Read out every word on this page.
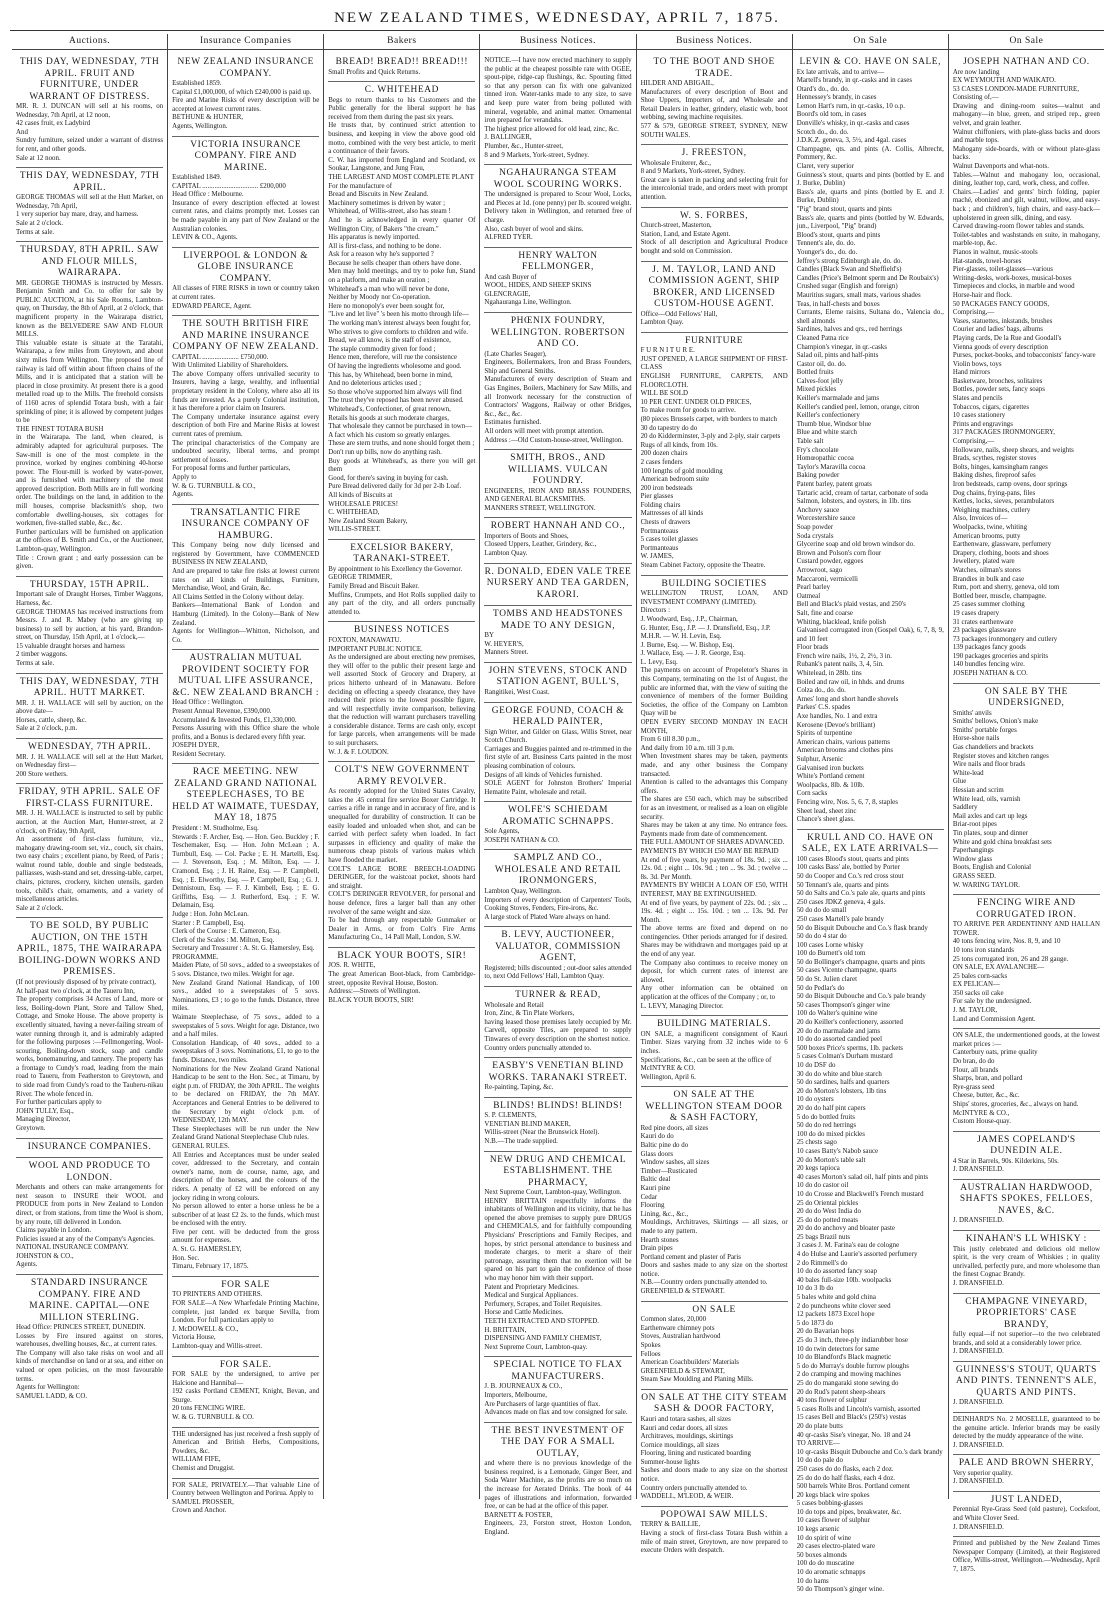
NEW ZEALAND TIMES, WEDNESDAY, APRIL 7, 1875.
Auctions.
THIS DAY, WEDNESDAY, 7TH APRIL. FRUIT AND FURNITURE, UNDER WARRANT OF DISTRESS.
MR. R. J. DUNCAN will sell at his rooms, on Wednesday, 7th April, at 12 noon,
42 cases fruit, ex Ladybird
And
Sundry furniture, seized under a warrant of distress for rent, and other goods.
Sale at 12 noon.
THIS DAY, WEDNESDAY, 7TH APRIL.
GEORGE THOMAS will sell at the Hutt Market, on Wednesday, 7th April,
1 very superior bay mare, dray, and harness.
Sale at 2 o'clock.
Terms at sale.
THURSDAY, 8TH APRIL. SAW AND FLOUR MILLS, WAIRARAPA.
MR. GEORGE THOMAS is instructed by Messrs. Benjamin Smith and Co. to offer for sale by PUBLIC AUCTION, at his Sale Rooms, Lambton-quay, on Thursday, the 8th of April, at 2 o'clock, that magnificent property in the Wairarapa district, known as the BELVEDERE SAW AND FLOUR MILLS.
This valuable estate is situate at the Taratahi, Wairarapa, a few miles from Greytown, and about sixty miles from Wellington. The proposed line of railway is laid off within about fifteen chains of the Mills, and it is anticipated that a station will be placed in close proximity. At present there is a good metalled road up to the Mills. The freehold consists of 1160 acres of splendid Totara bush, with a fair sprinkling of pine; it is allowed by competent judges to be
THE FINEST TOTARA BUSH
in the Wairarapa. The land, when cleared, is admirably adapted for agricultural purposes. The Saw-mill is one of the most complete in the province, worked by engines combining 40-horse power. The Flour-mill is worked by water-power, and is furnished with machinery of the most approved description. Both Mills are in full working order. The buildings on the land, in addition to the mill houses, comprise blacksmith's shop, two comfortable dwelling-houses, six cottages for workmen, five-stalled stable, &c., &c.
Further particulars will be furnished on application at the offices of B. Smith and Co., or the Auctioneer, Lambton-quay, Wellington.
Title : Crown grant ; and early possession can be given.
THURSDAY, 15TH APRIL.
Important sale of Draught Horses, Timber Waggons, Harness, &c.
GEORGE THOMAS has received instructions from Messrs. J. and R. Mabey (who are giving up business) to sell by auction, at his yard, Brandon-street, on Thursday, 15th April, at 1 o'clock,—
15 valuable draught horses and harness
2 timber waggons.
Terms at sale.
THIS DAY, WEDNESDAY, 7TH APRIL. HUTT MARKET.
MR. J. H. WALLACE will sell by auction, on the above date—
Horses, cattle, sheep, &c.
Sale at 2 o'clock, p.m.
WEDNESDAY, 7TH APRIL.
MR. J. H. WALLACE will sell at the Hutt Market, on Wednesday first—
200 Store wethers.
FRIDAY, 9TH APRIL. SALE OF FIRST-CLASS FURNITURE.
MR. J. H. WALLACE is instructed to sell by public auction, at the Auction Mart, Hunter-street, at 2 o'clock, on Friday, 9th April,
An assortment of first-class furniture, viz., mahogany drawing-room set, viz., couch, six chairs, two easy chairs ; excellent piano, by Reed, of Paris ; walnut round table, double and single bedsteads, palliasses, wash-stand and set, dressing-table, carpet, chairs, pictures, crockery, kitchen utensils, garden tools, child's chair, ornaments, and a variety of miscellaneous articles.
Sale at 2 o'clock.
TO BE SOLD, BY PUBLIC AUCTION, ON THE 15TH APRIL, 1875, THE WAIRARAPA BOILING-DOWN WORKS AND PREMISES.
(If not previously disposed of by private contract),
At half-past two o'clock, at the Taueru Inn,
The property comprises 34 Acres of Land, more or less, Boiling-down Plant, Store and Tallow Shed, Cottage, and Smoke House. The above property is excellently situated, having a never-failing stream of water running through it, and is admirably adapted for the following purposes :—Fellmongering, Wool-scouring, Boiling-down stock, soap and candle works, bonemanuring, and tannery. The property has a frontage to Cundy's road, leading from the main road to Taueru, from Featherston to Greytown, and to side road from Cundy's road to the Tauheru-nikau River. The whole fenced in.
For further particulars apply to
JOHN TULLY, Esq.,
Managing Director,
Greytown.
INSURANCE COMPANIES.
WOOL AND PRODUCE TO LONDON.
Merchants and others can make arrangements for next season to INSURE their WOOL and PRODUCE from ports in New Zealand to London direct, or from stations, from time the Wool is shorn, by any route, till delivered in London.
Claims payable in London.
Policies issued at any of the Company's Agencies.
NATIONAL INSURANCE COMPANY.
JOHNSTON & CO.,
Agents.
STANDARD INSURANCE COMPANY. FIRE AND MARINE. CAPITAL—ONE MILLION STERLING.
Head Office: PRINCES STREET, DUNEDIN.
Losses by Fire insured against on stores, warehouses, dwelling houses, &c., at current rates.
The Company will also take risks on wool and all kinds of merchandise on land or at sea, and either on valued or open policies, on the most favourable terms.
Agents for Wellington:
SAMUEL LADD, & CO.
Insurance Companies
NEW ZEALAND INSURANCE COMPANY.
Established 1859.
Capital £1,000,000, of which £240,000 is paid up.
Fire and Marine Risks of every description will be accepted at lowest current rates.
BETHUNE & HUNTER,
Agents, Wellington.
VICTORIA INSURANCE COMPANY. FIRE AND MARINE.
Established 1849.
CAPITAL ................................ £200,000
Head Office : Melbourne.
Insurance of every description effected at lowest current rates, and claims promptly met. Losses can be made payable in any part of New Zealand or the Australian colonies.
LEVIN & CO., Agents.
LIVERPOOL & LONDON & GLOBE INSURANCE COMPANY.
All classes of FIRE RISKS in town or country taken at current rates.
EDWARD PEARCE, Agent.
THE SOUTH BRITISH FIRE AND MARINE INSURANCE COMPANY OF NEW ZEALAND.
CAPITAL ..................... £750,000.
With Unlimited Liability of Shareholders.
The above Company offers unrivalled security to Insurers, having a large, wealthy, and influential proprietary resident in the Colony, where also all its funds are invested. As a purely Colonial institution, it has therefore a prior claim on Insurers.
The Company undertake insurance against every description of both Fire and Marine Risks at lowest current rates of premium.
The principal characteristics of the Company are undoubted security, liberal terms, and prompt settlement of losses.
For proposal forms and further particulars,
Apply to
W. & G. TURNBULL & CO.,
Agents.
TRANSATLANTIC FIRE INSURANCE COMPANY OF HAMBURG.
This Company being now duly licensed and registered by Government, have COMMENCED BUSINESS IN NEW ZEALAND,
And are prepared to take fire risks at lowest current rates on all kinds of Buildings, Furniture, Merchandise, Wool, and Grain, &c.
All Claims Settled in the Colony without delay.
Bankers—International Bank of London and Hamburg (Limited). In the Colony—Bank of New Zealand.
Agents for Wellington—Whitton, Nicholson, and Co.
AUSTRALIAN MUTUAL PROVIDENT SOCIETY FOR MUTUAL LIFE ASSURANCE, &C. NEW ZEALAND BRANCH :
Head Office : Wellington.
Present Annual Revenue, £390,000.
Accumulated & Invested Funds, £1,330,000.
Persons Assuring with this Office share the whole profits, and a Bonus is declared every fifth year.
JOSEPH DYER,
Resident Secretary.
RACE MEETING. NEW ZEALAND GRAND NATIONAL STEEPLECHASES, TO BE HELD AT WAIMATE, TUESDAY, MAY 18, 1875
President : M. Studholme, Esq.
Stewards : F. Archer, Esq. — Hon. Geo. Buckley ; F. Teschemaker, Esq. — Hon. John McLean ; A. Turnbull, Esq. — Col. Packe ; E. H. Martelli, Esq. — J. Stevenson, Esq. ; M. Milton, Esq. — J. Cramond, Esq. ; J. H. Raine, Esq. — P. Campbell, Esq. ; E. Elworthy, Esq. — P. Campbell, Esq. ; G. J. Dennistoun, Esq. — F. J. Kimbell, Esq. ; E. G. Griffiths, Esq. — J. Rutherford, Esq. ; F. W. Delamain, Esq.
Judge : Hon. John McLean.
Starter : P. Campbell, Esq.
Clerk of the Course : E. Cameron, Esq.
Clerk of the Scales : M. Milton, Esq.
Secretary and Treasurer : A. St. G. Hamersley, Esq.
PROGRAMME.
Maiden Plate, of 50 sovs., added to a sweepstakes of 5 sovs. Distance, two miles. Weight for age.
New Zealand Grand National Handicap, of 100 sovs., added to a sweepstakes of 5 sovs. Nominations, £3 ; to go to the funds. Distance, three miles.
Waimate Steeplechase, of 75 sovs., added to a sweepstakes of 5 sovs. Weight for age. Distance, two and a half miles.
Consolation Handicap, of 40 sovs., added to a sweepstakes of 3 sovs. Nominations, £1, to go to the funds. Distance, two miles.
Nominations for the New Zealand Grand National Handicap to be sent to the Hon. Sec., at Timaru, by eight p.m. of FRIDAY, the 30th APRIL. The weights to be declared on FRIDAY, the 7th MAY. Acceptances and General Entries to be delivered to the Secretary by eight o'clock p.m. of WEDNESDAY, 12th MAY.
These Steeplechases will be run under the New Zealand Grand National Steeplechase Club rules.
GENERAL RULES.
All Entries and Acceptances must be under sealed cover, addressed to the Secretary, and contain owner's name, nom de course, name, age, and description of the horses, and the colours of the riders. A penalty of £2 will be enforced on any jockey riding in wrong colours.
No person allowed to enter a horse unless he be a subscriber of at least £2 2s. to the funds, which must be enclosed with the entry.
Five per cent. will be deducted from the gross amount for expenses.
A. St. G. HAMERSLEY,
Hon. Sec.
Timaru, February 17, 1875.
FOR SALE
TO PRINTERS AND OTHERS.
FOR SALE—A New Wharfedale Printing Machine, complete, just landed ex barque Sevilla, from London. For full particulars apply to
J. McDOWELL & CO.,
Victoria House,
Lambton-quay and Willis-street.
FOR SALE.
FOR SALE by the undersigned, to arrive per Halcione and Hannibal—
192 casks Portland CEMENT, Knight, Bevan, and Sturge.
20 tons FENCING WIRE.
W. & G. TURNBULL & CO.
THE undersigned has just received a fresh supply of American and British Herbs, Compositions, Powders, &c.
WILLIAM FIFE,
Chemist and Druggist.
FOR SALE, PRIVATELY.—That valuable Line of Country between Wellington and Porirua. Apply to
SAMUEL PROSSER,
Crown and Anchor.
Bakers
BREAD! BREAD!! BREAD!!!
Small Profits and Quick Returns.
C. WHITEHEAD
Begs to return thanks to his Customers and the Public generally for the liberal support he has received from them during the past six years.
He trusts that, by continued strict attention to business, and keeping in view the above good old motto, combined with the very best article, to merit a continuance of their favors.
C. W. has imported from England and Scotland, ex Soukar, Langstone, and Jung Frau,
THE LARGEST AND MOST COMPLETE PLANT
For the manufacture of
Bread and Biscuits in New Zealand.
Machinery sometimes is driven by water ;
Whitehead, of Willis-street, also has steam !
And he is acknowledged in every quarter Of Wellington City, of Bakers "the cream."
His apparatus is newly imported.
All is first-class, and nothing to be done.
Ask for a reason why he's supported ?
Because he sells cheaper than others have done.
Men may hold meetings, and try to poke fun, Stand on a platform, and make an oration ;
Whitehead's a man who will never be done,
Neither by Moody nor Co-operation.
Here no monopoly's ever been sought for,
"Live and let live" 's been his motto through life—
The working man's interest always been fought for,
Who strives to give comforts to children and wife.
Bread, we all know, is the staff of existence,
The staple commodity given for food ;
Hence men, therefore, will rue the consistence
Of having the ingredients wholesome and good.
This has, by Whitehead, been borne in mind,
And no deleterious articles used ;
So those who've supported him always will find
The trust they've reposed has been never abused.
Whitehead's, Confectioner, of great renown,
Retails his goods at such moderate charges,
That wholesale they cannot be purchased in town—
A fact which his custom so greatly enlarges.
These are stern truths, and none should forget them ;
Don't run up bills, now do anything rash.
Buy goods at Whitehead's, as there you will get them
Good, for there's saving in buying for cash.
Pure Bread delivered daily for 3d per 2-lb Loaf.
All kinds of Biscuits at
WHOLESALE PRICES!
C. WHITEHEAD,
New Zealand Steam Bakery,
WILLIS-STREET.
EXCELSIOR BAKERY, TARANAKI-STREET.
By appointment to his Excellency the Governor.
GEORGE TRIMMER,
Family Bread and Biscuit Baker.
Muffins, Crumpets, and Hot Rolls supplied daily to any part of the city, and all orders punctually attended to.
BUSINESS NOTICES
FOXTON, MANAWATU.
IMPORTANT PUBLIC NOTICE.
As the undersigned are about erecting new premises, they will offer to the public their present large and well assorted Stock of Grocery and Drapery, at prices hitherto unheard of in Manawatu. Before deciding on effecting a speedy clearance, they have reduced their prices to the lowest possible figure, and will respectfully invite comparison, believing that the reduction will warrant purchasers travelling a considerable distance. Terms are cash only, except for large parcels, when arrangements will be made to suit purchasers.
W. J. & F. LOUDON.
COLT'S NEW GOVERNMENT ARMY REVOLVER.
As recently adopted for the United States Cavalry, takes the .45 central fire service Boxer Cartridge. It carries a rifle in range and in accuracy of fire, and is unequalled for durability of construction. It can be easily loaded and unloaded when shot, and can be carried with perfect safety when loaded. In fact surpasses in efficiency and quality of make the numerous cheap pistols of various makes which have flooded the market.
COLT'S LARGE BORE BREECH-LOADING DERINGER, for the waistcoat pocket, shoots hard and straight.
COLT'S DERINGER REVOLVER, for personal and house defence, fires a larger ball than any other revolver of the same weight and size.
To be had through any respectable Gunmaker or Dealer in Arms, or from Colt's Fire Arms Manufacturing Co., 14 Pall Mall, London, S.W.
BLACK YOUR BOOTS, SIR!
JOS. R. WHITE,
The great American Boot-black, from Cambridge-street, opposite Revival House, Boston.
Address:—Streets of Wellington.
BLACK YOUR BOOTS, SIR!
Business Notices.
NOTICE.—I have now erected machinery to supply the public at the cheapest possible rate with OGEE, spout-pipe, ridge-cap flushings, &c. Spouting fitted so that any person can fix with one galvanized tinned iron. Water-tanks made to any size, to save and keep pure water from being polluted with mineral, vegetable, and animal matter. Ornamental iron prepared for verandahs.
The highest price allowed for old lead, zinc, &c.
J. BALLINGER,
Plumber, &c., Hunter-street,
8 and 9 Markets, York-street, Sydney.
NGAHAURANGA STEAM WOOL SCOURING WORKS.
The undersigned is prepared to Scour Wool, Locks, and Pieces at 1d. (one penny) per lb. scoured weight.
Delivery taken in Wellington, and returned free of charge.
Also, cash buyer of wool and skins.
ALFRED TYER.
HENRY WALTON FELLMONGER,
And cash Buyer of
WOOL, HIDES, AND SHEEP SKINS
GLENCRAGIE,
Ngahauranga Line, Wellington.
PHŒNIX FOUNDRY, WELLINGTON. ROBERTSON AND CO.
(Late Charles Seager),
Engineers, Boilermakers, Iron and Brass Founders, Ship and General Smiths.
Manufacturers of every description of Steam and Gas Engines, Boilers, Machinery for Saw Mills, and all Ironwork necessary for the construction of Contractors' Waggons, Railway or other Bridges, &c., &c., &c.
Estimates furnished.
All orders will meet with prompt attention.
Address :—Old Custom-house-street, Wellington.
SMITH, BROS., AND WILLIAMS. VULCAN FOUNDRY.
ENGINEERS, IRON AND BRASS FOUNDERS, AND GENERAL BLACKSMITHS.
MANNERS STREET, WELLINGTON.
ROBERT HANNAH AND CO.,
Importers of Boots and Shoes,
Closeed Uppers, Leather, Grindery, &c.,
Lambton Quay.
R. DONALD, EDEN VALE TREE NURSERY AND TEA GARDEN, KARORI.
TOMBS AND HEADSTONES MADE TO ANY DESIGN,
BY
W. HEYER'S,
Manners Street.
JOHN STEVENS, STOCK AND STATION AGENT, BULL'S,
Rangitikei, West Coast.
GEORGE FOUND, COACH & HERALD PAINTER,
Sign Writer, and Gilder on Glass, Willis Street, near Scotch Church.
Carriages and Buggies painted and re-trimmed in the first style of art. Business Carts painted in the most pleasing combination of colours.
Designs of all kinds of Vehicles furnished.
SOLE AGENT for Johnston Brothers' Imperial Hematite Paint, wholesale and retail.
WOLFE'S SCHIEDAM AROMATIC SCHNAPPS.
Sole Agents,
JOSEPH NATHAN & CO.
SAMPLZ AND CO., WHOLESALE AND RETAIL IRONMONGERS,
Lambton Quay, Wellington.
Importers of every description of Carpenters' Tools, Cooking Stoves, Fenders, Fire-irons, &c.
A large stock of Plated Ware always on hand.
B. LEVY, AUCTIONEER, VALUATOR, COMMISSION AGENT,
Registered; bills discounted ; out-door sales attended to, next Odd Fellows' Hall, Lambton Quay.
TURNER & READ,
Wholesale and Retail
Iron, Zinc, & Tin Plate Workers,
having leased those premises lately occupied by Mr. Carvell, opposite Tiles, are prepared to supply Tinwares of every description on the shortest notice.
Country orders punctually attended to.
EASBY'S VENETIAN BLIND WORKS. TARANAKI STREET.
Re-painting, Taping, &c.
BLINDS! BLINDS! BLINDS!
S. P. CLEMENTS,
VENETIAN BLIND MAKER,
Willis-street (Near the Brunswick Hotel).
N.B.—The trade supplied.
NEW DRUG AND CHEMICAL ESTABLISHMENT. THE PHARMACY,
Next Supreme Court, Lambton-quay, Wellington.
HENRY BRITTAIN respectfully informs the inhabitants of Wellington and its vicinity, that he has opened the above premises to supply pure DRUGS and CHEMICALS, and for faithfully compounding Physicians' Prescriptions and Family Recipes, and hopes, by strict personal attendance to business and moderate charges, to merit a share of their patronage, assuring them that no exertion will be spared on his part to gain the confidence of those who may honor him with their support.
Patent and Proprietary Medicines.
Medical and Surgical Appliances.
Perfumery, Scrapes, and Toilet Requisites.
Horse and Cattle Medicines.
TEETH EXTRACTED AND STOPPED.
H. BRITTAIN,
DISPENSING AND FAMILY CHEMIST,
Next Supreme Court, Lambton-quay.
SPECIAL NOTICE TO FLAX MANUFACTURERS.
J. B. JOURNEAUX & CO.,
Importers, Melbourne,
Are Purchasers of large quantities of flax.
Advances made on flax and tow consigned for sale.
THE BEST INVESTMENT OF THE DAY FOR A SMALL OUTLAY,
and where there is no previous knowledge of the business required, is a Lemonade, Ginger Beer, and Soda Water Machine, as the profits are so much on the increase for Aerated Drinks. The book of 44 pages of illustrations and information, forwarded free, or can be had at the office of this paper.
BARNETT & FOSTER,
Engineers, 23, Forston street, Hoxton London, England.
Business Notices.
TO THE BOOT AND SHOE TRADE.
HILDER AND ABIGAIL,
Manufacturers of every description of Boot and Shoe Uppers, Importers of, and Wholesale and Retail Dealers in leather, grindery, elastic web, boot webbing, sewing machine requisites.
577 & 579, GEORGE STREET, SYDNEY, NEW SOUTH WALES.
J. FREESTON,
Wholesale Fruiterer, &c.,
8 and 9 Markets, York-street, Sydney.
Great care is taken in packing and selecting fruit for the intercolonial trade, and orders meet with prompt attention.
W. S. FORBES,
Church-street, Masterton,
Station, Land, and Estate Agent.
Stock of all description and Agricultural Produce bought and sold on Commission.
J. M. TAYLOR, LAND AND COMMISSION AGENT, SHIP BROKER, AND LICENSED CUSTOM-HOUSE AGENT.
Office—Odd Fellows' Hall,
Lambton Quay.
FURNITURE
F U R N I T U R E.
JUST OPENED, A LARGE SHIPMENT OF FIRST-CLASS
ENGLISH FURNITURE, CARPETS, AND FLOORCLOTH.
WILL BE SOLD
10 PER CENT. UNDER OLD PRICES,
To make room for goods to arrive.
(80 pieces Brussels carpet, with borders to match
30 do tapestry do do
20 do Kidderminster, 3-ply and 2-ply, stair carpets
Rugs of all kinds, from 10s.
200 dozen chairs
2 cases fenders
100 lengths of gold moulding
American bedroom suite
200 iron bedsteads
Pier glasses
Folding chairs
Mattresses of all kinds
Chests of drawers
Portmanteaus
5 cases toilet glasses
Portmanteaus
W. JAMES,
Steam Cabinet Factory, opposite the Theatre.
BUILDING SOCIETIES
WELLINGTON TRUST, LOAN, AND INVESTMENT COMPANY (LIMITED).
Directors :
J. Woodward, Esq., J.P., Chairman,
G. Hunter, Esq., J.P. — J. Dransfield, Esq., J.P.
M.H.R. — W. H. Levin, Esq.
J. Burne, Esq. — W. Bishop, Esq.
J. Wallace, Esq. — J. R. George, Esq.
L. Levy, Esq.
The payments on account of Propeletor's Shares in this Company, terminating on the 1st of August, the public are informed that, with the view of suiting the convenience of members of the former Building Societies, the office of the Company on Lambton Quay will be
OPEN EVERY SECOND MONDAY IN EACH MONTH,
From 6 till 8.30 p.m.,
And daily from 10 a.m. till 3 p.m.
When Investment shares may be taken, payments made, and any other business the Company transacted.
Attention is called to the advantages this Company offers.
The shares are £50 each, which may be subscribed for as an investment, or realised as a loan on eligible security.
Shares may be taken at any time. No entrance fees. Payments made from date of commencement.
THE FULL AMOUNT OF SHARES ADVANCED.
PAYMENTS BY WHICH £50 MAY BE REPAID
At end of five years, by payment of 18s. 9d. ; six ... 12s. 0d. ; eight ... 10s. 9d. ; ten ... 9s. 3d. ; twelve ... 8s. 3d. Per Month.
PAYMENTS BY WHICH A LOAN OF £50, WITH INTEREST, MAY BE EXTINGUISHED.
At end of five years, by payment of 22s. 0d. ; six ... 19s. 4d. ; eight ... 15s. 10d. ; ten ... 13s. 9d. Per Month.
The above terms are fixed and depend on no contingencies. Other periods arranged for if desired. Shares may be withdrawn and mortgages paid up at the end of any year.
The Company also continues to receive money on deposit, for which current rates of interest are allowed.
Any other information can be obtained on application at the offices of the Company ; or, to
L. LEVY, Managing Director.
BUILDING MATERIALS.
ON SALE, a magnificent consignment of Kauri Timber. Sizes varying from 32 inches wide to 6 inches.
Specifications, &c., can be seen at the office of
McINTYRE & CO.
Wellington, April 6.
ON SALE AT THE WELLINGTON STEAM DOOR & SASH FACTORY,
Red pine doors, all sizes
Kauri do do
Baltic pine do do
Glass doors
Window sashes, all sizes
Timber—Rusticated
Baltic deal
Kauri pine
Cedar
Flooring
Lining, &c., &c.,
Mouldings, Architraves, Skirtings — all sizes, or made to any pattern.
Hearth stones
Drain pipes
Portland cement and plaster of Paris
Doors and sashes made to any size on the shortest notice.
N.B.—Country orders punctually attended to.
GREENFIELD & STEWART.
ON SALE
Common slates, 20,000
Earthenware chimney pots
Stoves, Australian hardwood
Spokes
Felloes
American Coachbuilders' Materials
GREENFIELD & STEWART,
Steam Saw Moulding and Planing Mills.
ON SALE AT THE CITY STEAM SASH & DOOR FACTORY,
Kauri and totara sashes, all sizes
Kauri and cedar doors, all sizes
Architraves, mouldings, skirtings
Cornice mouldings, all sizes
Flooring, lining and rusticated boarding
Summer-house lights
Sashes and doors made to any size on the shortest notice.
Country orders punctually attended to.
WADDELL, M'LEOD, & WEIR.
POPOWAI SAW MILLS.
TERRY & BAILLIE,
Having a stock of first-class Totara Bush within a mile of main street, Greytown, are now prepared to execute Orders with despatch.
On Sale
LEVIN & CO. HAVE ON SALE,
Ex late arrivals, and to arrive—
Martell's brandy, in qr.-casks and in cases
Otard's do., do. do.
Hennessey's brandy, in cases
Lemon Hart's rum, in qr.-casks, 10 o.p.
Boord's old tom, in cases
Donville's whisky, in qr.-casks and cases
Scotch do., do. do.
J.D.K.Z. geneva, 3, 5½, and 4gal. cases
Champagne, qts. and pints (A. Collis, Albrecht, Pommery, &c.
Claret, very superior
Guinness's stout, quarts and pints (bottled by E. and J. Burke, Dublin)
Bass's ale, quarts and pints (bottled by E. and J. Burke, Dublin)
"Pig" brand stout, quarts and pints
Bass's ale, quarts and pints (bottled by W. Edwards, jun., Liverpool, "Pig" brand)
Blood's stout, quarts and pints
Tennent's ale, do. do.
Younger's do., do. do.
Jeffrey's strong Edinburgh ale, do. do.
Candles (Black Swan and Sheffield's)
Candles (Price's Belmont sperm and De Roubaix's)
Crushed sugar (English and foreign)
Mauritius sugars, small mats, various shades
Teas, in half-chests and boxes
Currants, Eleme raisins, Sultana do., Valencia do., shell almonds
Sardines, halves and qrs., red herrings
Cleaned Patna rice
Champion's vinegar, in qr.-casks
Salad oil, pints and half-pints
Castor oil, do. do.
Bottled fruits
Calves-foot jelly
Mixed pickles
Keiller's marmalade and jams
Keiller's candied peel, lemon, orange, citron
Keiller's confectionery
Thumb blue, Windsor blue
Blue and white starch
Table salt
Fry's chocolate
Homœopathic cocoa
Taylor's Maravilla cocoa
Baking powder
Patent barley, patent groats
Tartaric acid, cream of tartar, carbonate of soda
Salmon, lobsters, and oysters, in 1lb. tins
Anchovy sauce
Worcestershire sauce
Soap powder
Soda crystals
Glycerine soap and old brown windsor do.
Brown and Polson's corn flour
Custard powder, eggoes
Arrowroot, sago
Maccaroni, vermicelli
Pearl barley
Oatmeal
Bell and Black's plaid vestas, and 250's
Salt, fine and coarse
Whiting, blacklead, knife polish
Galvanised corrugated iron (Gospel Oak), 6, 7, 8, 9, and 10 feet
Floor brads
French wire nails, 1½, 2, 2½, 3 in.
Rubank's patent nails, 3, 4, 5in.
Whitelead, in 28lb. tins
Boiled and raw oil, in hhds. and drums
Colza do., do. do.
Ames' long and short handle shovels
Parkes' C.S. spades
Axe handles, No. 1 and extra
Kerosene (Devoe's brilliant)
Spirits of turpentine
American chairs, various patterns
American brooms and clothes pins
Sulphur, Arsenic
Galvanised iron buckets
White's Portland cement
Woolpacks, 8lb. & 10lb.
Corn sacks
Fencing wire, Nos. 5, 6, 7, 8, staples
Sheet lead, sheet zinc
Chance's sheet glass.
KRULL AND CO. HAVE ON SALE, EX LATE ARRIVALS—
100 cases Blood's stout, quarts and pints
100 casks Bass' ale, bottled by Porter
50 do Cooper and Co.'s red cross stout
50 Tennant's ale, quarts and pints
50 do Salts and Co.'s pale ale, quarts and pints
250 cases JDKZ geneva, 4 gals.
50 do do do small
250 cases Martell's pale brandy
50 do Bisquit Dubouche and Co.'s flask brandy
50 do do 4 star do
100 cases Lorne whisky
100 do Burnett's old tom
50 do Bollinger's champagne, quarts and pints
50 cases Vicente champagne, quarts
50 do St. Julien claret
50 do Pedlar's do
50 do Bisquit Dubouche and Co.'s pale brandy
50 cases Thompson's ginger wine
100 do Walter's quinine wine
20 do Keiller's confectionery, assorted
20 do do marmalade and jams
10 do do assorted candied peel
500 boxes Price's sperms, 1lb. packets
5 cases Colman's Durham mustard
10 do DSF do
30 do do white and blue starch
50 do sardines, halfs and quarters
20 do Morton's lobsters, 1lb tins
10 do oysters
20 do do half pint capers
5 do do bottled fruits
50 do do red herrings
100 do do mixed pickles
25 chests sago
10 cases Batty's Nabob sauce
20 do Morton's table salt
20 kegs tapioca
40 cases Morton's salad oil, half pints and pints
10 do do castor oil
10 do Crosse and Blackwell's French mustard
25 do Oriental pickles
20 do do West India do
25 do do potted meats
20 do do anchovy and bloater paste
25 bags Brazil nuts
3 cases J. M. Farina's eau de cologne
4 do Hulse and Laurie's assorted perfumery
2 do Rimmell's do
10 do do assorted fancy soap
40 bales full-size 10lb. woolpacks
10 do 3 lb do
5 bales white and gold china
2 do puncheons white clover seed
12 packets 1873 Excel hope
5 do 1873 do
20 do Bavarian hops
25 do 3 inch, three-ply indiarubber hose
10 do twin detectors for same
10 do Blandford's Black magnetic
5 do do Murray's double furrow ploughs
2 do cramping and mowing machines
25 do do mangaraki stone sewing do
20 do Rud's patent sheep-shears
40 tons flower of sulphur
5 cases Rolls and Lincoln's varnish, assorted
15 cases Bell and Black's (250's) vestas
20 do plate butts
40 qr-casks Sise's vinegar, No. 18 and 24
TO ARRIVE—
10 qr-casks Bisquit Dubouche and Co.'s dark brandy
10 do do pale do
250 cases do do flasks, each 2 doz.
25 do do do half flasks, each 4 doz.
500 barrels White Bros. Portland cement
20 kegs black wire spokes
5 cases bobbing-glasses
10 do tops and pipes, breakwater, &c.
10 cases flower of sulphur
10 kegs arsenic
10 do spirit of wine
20 cases electro-plated ware
50 boxes almonds
100 do do muscatine
10 do aromatic schnapps
10 do hams
50 do Thompson's ginger wine.
On Sale
JOSEPH NATHAN AND CO.
Are now landing
EX WEYMOUTH AND WAIKATO.
53 CASES LONDON-MADE FURNITURE,
Consisting of,—
Drawing and dining-room suites—walnut and mahogany—in blue, green, and striped rep., green velvet, and grain leather.
Walnut chiffoniers, with plate-glass backs and doors and marble tops.
Mahogany side-boards, with or without plate-glass backs.
Walnut Davenports and what-nots.
Tables.—Walnut and mahogany loo, occasional, dining, leather top, card, work, chess, and coffee.
Chairs.—Ladies' and gents' birch folding, papier maché, ebonized and gilt, walnut, willow, and easy-back ; and children's, high chairs, and easy-back—upholstered in green silk, dining, and easy.
Carved drawing-room flower tables and stands.
Toilet-tables and washstands en suite, in mahogany, marble-top, &c.
Pianos in walnut, music-stools
Hat-stands, towel-horses
Pier-glasses, toilet-glasses—various
Writing-desks, work-boxes, musical-boxes
Timepieces and clocks, in marble and wood
Horse-hair and flock.
50 PACKAGES FANCY GOODS,
Comprising,—
Vases, statuettes, inkstands, brushes
Courier and ladies' bags, albums
Playing cards, De la Rue and Goodall's
Vienna goods of every description
Purses, pocket-books, and tobacconists' fancy-ware
Violin bows, toys
Hand mirrors
Basketware, brooches, solitaires
Bottles, powder sets, fancy soaps
Slates and pencils
Tobaccos, cigars, cigarettes
10 cases stationery
Prints and engravings
317 PACKAGES IRONMONGERY,
Comprising,—
Holloware, nails, sheep shears, and weights
Brads, scythes, register stoves
Bolts, hinges, kamsingham ranges
Baking dishes, fireproof safes
Iron bedsteads, camp ovens, door springs
Dog chains, frying-pans, files
Kettles, locks, sieves, perambulators
Weighing machines, cutlery
Also, Invoices of—
Woolpacks, twine, whiting
American brooms, putty
Earthenware, glassware, perfumery
Drapery, clothing, boots and shoes
Jewellery, plated ware
Watches, oilman's stores
Brandies in bulk and case
Rum, port and sherry, geneva, old tom
Bottled beer, muscle, champagne.
25 cases summer clothing
19 cases drapery
31 crates earthenware
23 packages glassware
73 packages ironmongery and cutlery
139 packages fancy goods
190 packages groceries and spirits
140 bundles fencing wire.
JOSEPH NATHAN & CO.
ON SALE BY THE UNDERSIGNED,
Smiths' anvils
Smiths' bellows, Onion's make
Smiths' portable forges
Horse-shoe nails
Gas chandeliers and brackets
Register stoves and kitchen ranges
Wire nails and floor brads
White-lead
Glue
Hessian and scrim
White lead, oils, varnish
Saddlery
Mail axles and cart up legs
Briar-root pipes
Tin plates, soup and dinner
White and gold china breakfast sets
Paperhangings
Window glass
Boots, English and Colonial
GRASS SEED.
W. WARING TAYLOR.
FENCING WIRE AND CORRUGATED IRON.
TO ARRIVE PER ARDENTINNY AND HALLAN TOWER.
40 tons fencing wire, Nos. 8, 9, and 10
10 tons iron standards
25 tons corrugated iron, 26 and 28 gauge.
ON SALE, EX AVALANCHE—
25 bales corn-sacks
EX PELICAN—
350 sacks oil cake
For sale by the undersigned.
J. M. TAYLOR,
Land and Commission Agent.
ON SALE, the undermentioned goods, at the lowest market prices :—
Canterbury oats, prime quality
Do bran, do do
Flour, all brands
Sharps, bran, and pollard
Rye-grass seed
Cheese, butter, &c., &c.
Ships' stores, groceries, &c., always on hand.
McINTYRE & CO.,
Custom House-quay.
JAMES COPELAND'S DUNEDIN ALE.
4 Star in Barrels, 90s. Kilderkins, 50s.
J. DRANSFIELD.
AUSTRALIAN HARDWOOD, SHAFTS SPOKES, FELLOES, NAVES, &C.
J. DRANSFIELD.
KINAHAN'S LL WHISKY :
This justly celebrated and delicious old mellow spirit, is the very cream of Whiskies ; in quality unrivalled, perfectly pure, and more wholesome than the finest Cognac Brandy.
J. DRANSFIELD.
CHAMPAGNE VINEYARD, PROPRIETORS' CASE BRANDY,
fully equal—if not superior—to the two celebrated brands, and sold at a considerably lower price.
J. DRANSFIELD.
GUINNESS'S STOUT, QUARTS AND PINTS. TENNENT'S ALE, QUARTS AND PINTS.
J. DRANSFIELD.
DEINHARD'S No. 2 MOSELLE, guaranteed to be the genuine article. Inferior brands may be easily detected by the muddy appearance of the wine.
J. DRANSFIELD.
PALE AND BROWN SHERRY,
Very superior quality.
J. DRANSFIELD.
JUST LANDED,
Perennial Rye-Grass Seed (old pasture), Cocksfoot, and White Clover Seed.
J. DRANSFIELD.
Printed and published by the New Zealand Times Newspaper Company (Limited), at their Registered Office, Willis-street, Wellington.—Wednesday, April 7, 1875.
